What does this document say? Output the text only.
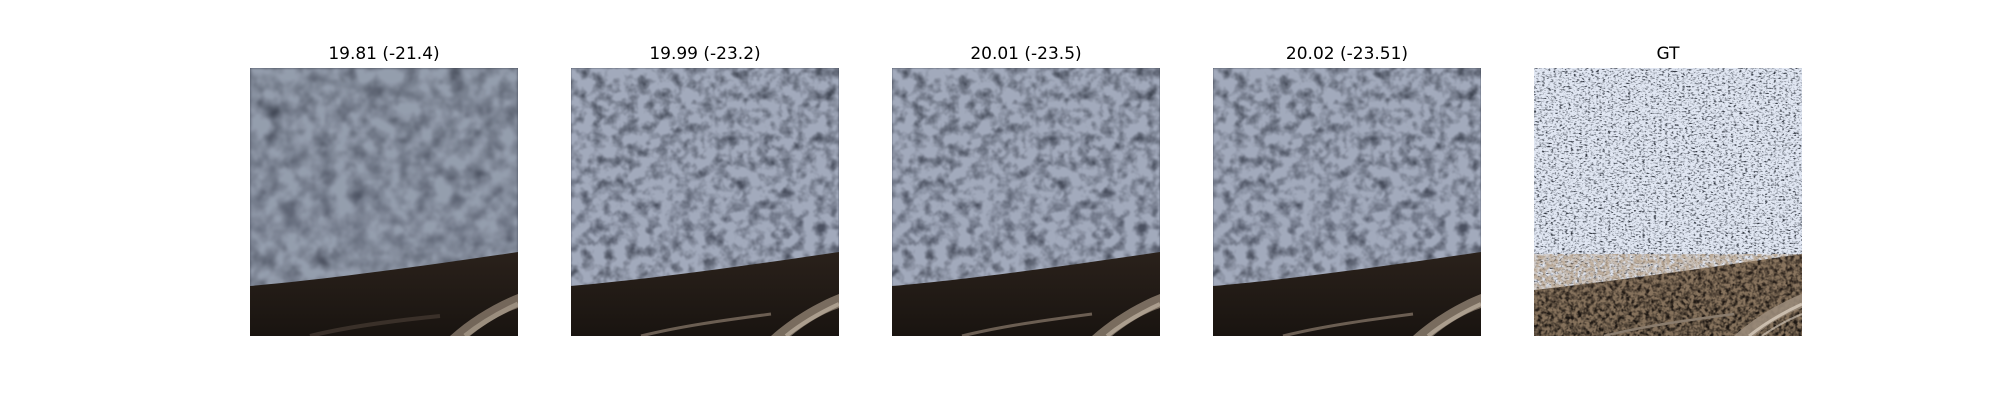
19.81 (-21.4)	19.99 (-23.2)	20.01 (-23.5)	20.02 (-23.51)	GT
